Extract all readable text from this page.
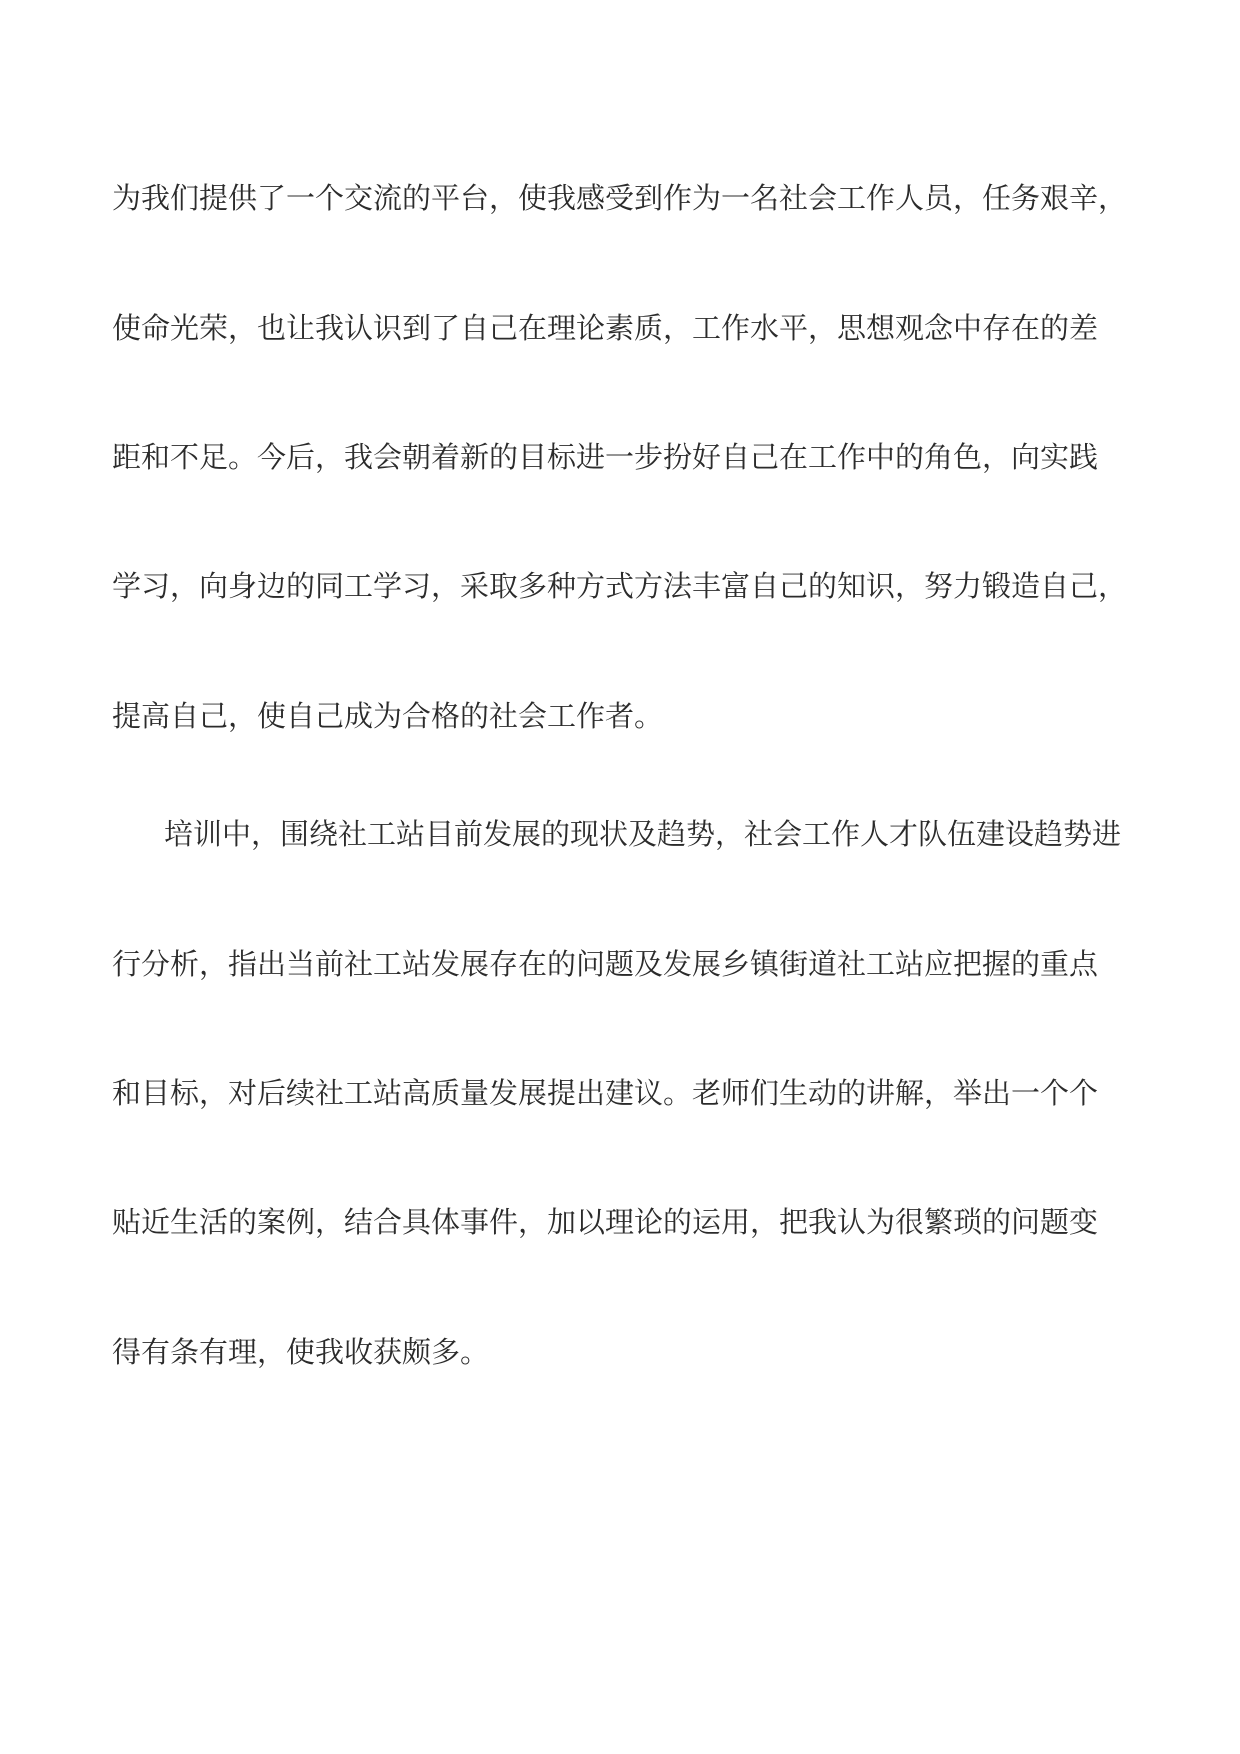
为我们提供了一个交流的平台，使我感受到作为一名社会工作人员，任务艰辛，
使命光荣，也让我认识到了自己在理论素质，工作水平，思想观念中存在的差
距和不足。今后，我会朝着新的目标进一步扮好自己在工作中的角色，向实践
学习，向身边的同工学习，采取多种方式方法丰富自己的知识，努力锻造自己，
提高自己，使自己成为合格的社会工作者。
培训中，围绕社工站目前发展的现状及趋势，社会工作人才队伍建设趋势进
行分析，指出当前社工站发展存在的问题及发展乡镇街道社工站应把握的重点
和目标，对后续社工站高质量发展提出建议。老师们生动的讲解，举出一个个
贴近生活的案例，结合具体事件，加以理论的运用，把我认为很繁琐的问题变
得有条有理，使我收获颇多。
